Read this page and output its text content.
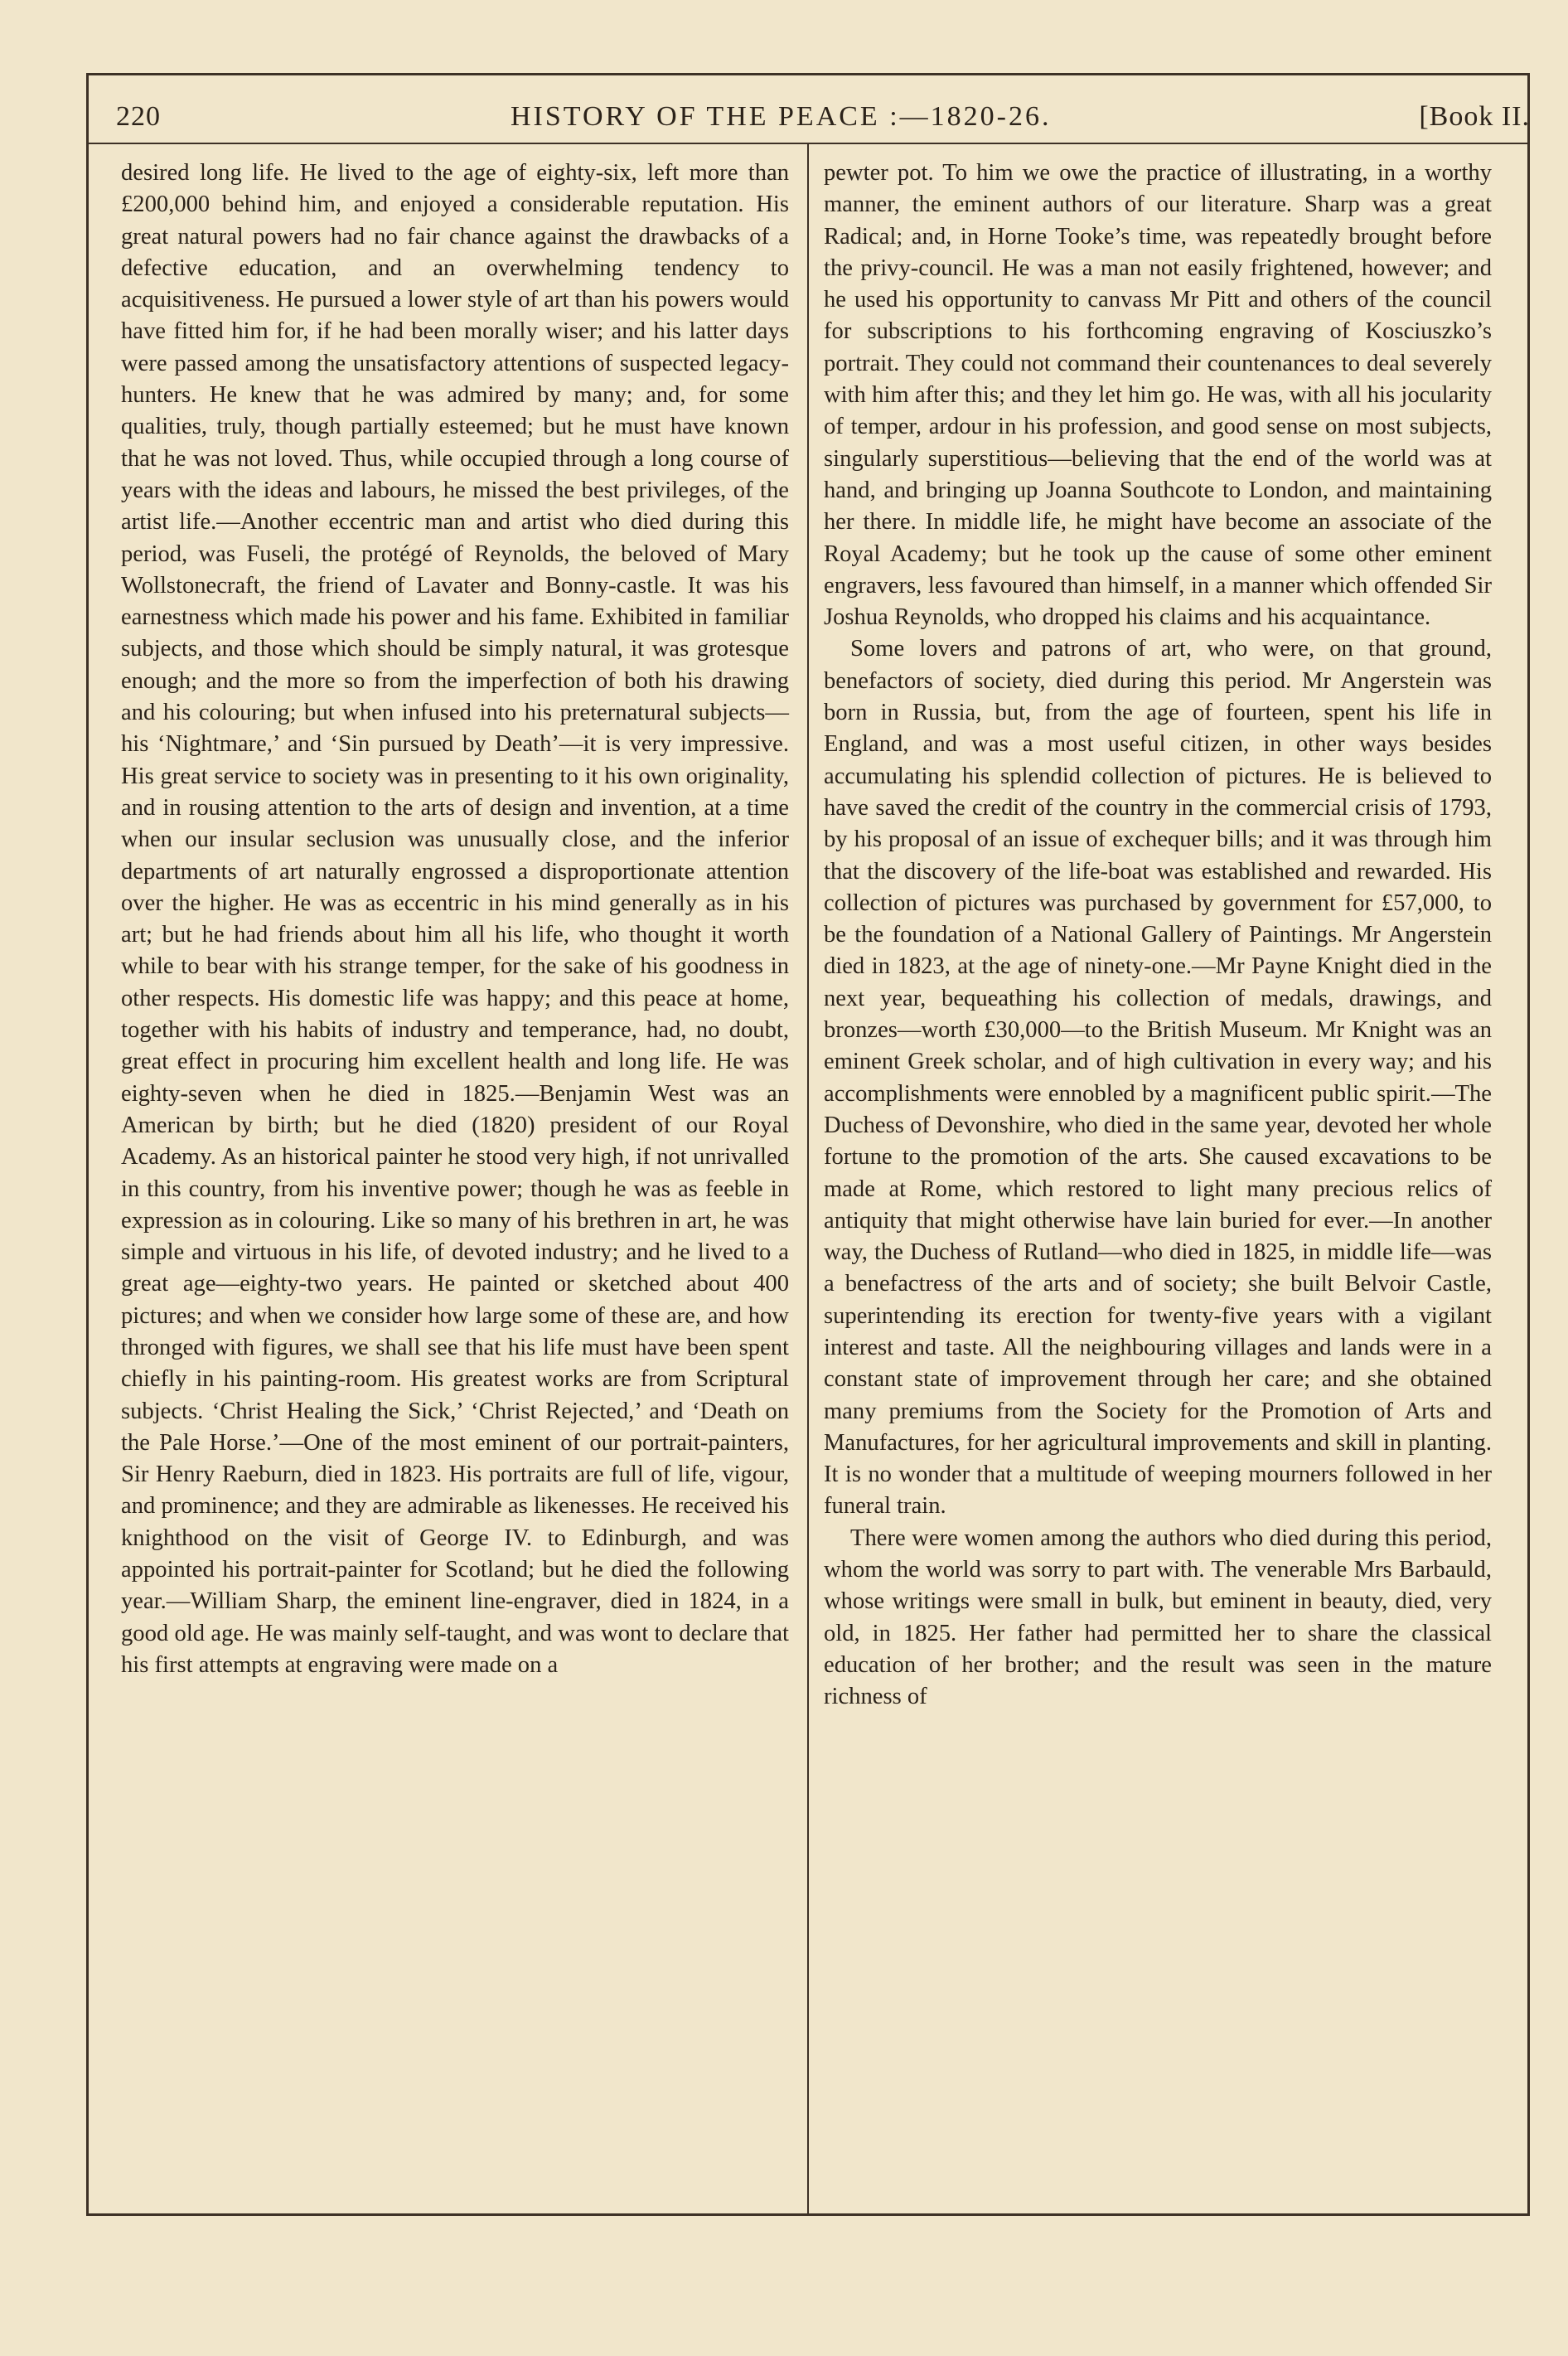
220	HISTORY OF THE PEACE :—1820-26.	[Book II.

desired long life. He lived to the age of eighty-six, left more than £200,000 behind him, and enjoyed a considerable reputation. His great natural powers had no fair chance against the drawbacks of a defective education, and an overwhelming tendency to acquisitiveness. He pursued a lower style of art than his powers would have fitted him for, if he had been morally wiser; and his latter days were passed among the unsatisfactory attentions of suspected legacy-hunters. He knew that he was admired by many; and, for some qualities, truly, though partially esteemed; but he must have known that he was not loved. Thus, while occupied through a long course of years with the ideas and labours, he missed the best privileges, of the artist life.—Another eccentric man and artist who died during this period, was Fuseli, the protégé of Reynolds, the beloved of Mary Wollstonecraft, the friend of Lavater and Bonny-castle. It was his earnestness which made his power and his fame. Exhibited in familiar subjects, and those which should be simply natural, it was grotesque enough; and the more so from the imperfection of both his drawing and his colouring; but when infused into his preternatural subjects—his ‘Nightmare,’ and ‘Sin pursued by Death’—it is very impressive. His great service to society was in presenting to it his own originality, and in rousing attention to the arts of design and invention, at a time when our insular seclusion was unusually close, and the inferior departments of art naturally engrossed a disproportionate attention over the higher. He was as eccentric in his mind generally as in his art; but he had friends about him all his life, who thought it worth while to bear with his strange temper, for the sake of his goodness in other respects. His domestic life was happy; and this peace at home, together with his habits of industry and temperance, had, no doubt, great effect in procuring him excellent health and long life. He was eighty-seven when he died in 1825.—Benjamin West was an American by birth; but he died (1820) president of our Royal Academy. As an historical painter he stood very high, if not unrivalled in this country, from his inventive power; though he was as feeble in expression as in colouring. Like so many of his brethren in art, he was simple and virtuous in his life, of devoted industry; and he lived to a great age—eighty-two years. He painted or sketched about 400 pictures; and when we consider how large some of these are, and how thronged with figures, we shall see that his life must have been spent chiefly in his painting-room. His greatest works are from Scriptural subjects. ‘Christ Healing the Sick,’ ‘Christ Rejected,’ and ‘Death on the Pale Horse.’—One of the most eminent of our portrait-painters, Sir Henry Raeburn, died in 1823. His portraits are full of life, vigour, and prominence; and they are admirable as likenesses. He received his knighthood on the visit of George IV. to Edinburgh, and was appointed his portrait-painter for Scotland; but he died the following year.—William Sharp, the eminent line-engraver, died in 1824, in a good old age. He was mainly self-taught, and was wont to declare that his first attempts at engraving were made on a

pewter pot. To him we owe the practice of illustrating, in a worthy manner, the eminent authors of our literature. Sharp was a great Radical; and, in Horne Tooke’s time, was repeatedly brought before the privy-council. He was a man not easily frightened, however; and he used his opportunity to canvass Mr Pitt and others of the council for subscriptions to his forthcoming engraving of Kosciuszko’s portrait. They could not command their countenances to deal severely with him after this; and they let him go. He was, with all his jocularity of temper, ardour in his profession, and good sense on most subjects, singularly superstitious—believing that the end of the world was at hand, and bringing up Joanna Southcote to London, and maintaining her there. In middle life, he might have become an associate of the Royal Academy; but he took up the cause of some other eminent engravers, less favoured than himself, in a manner which offended Sir Joshua Reynolds, who dropped his claims and his acquaintance.

Some lovers and patrons of art, who were, on that ground, benefactors of society, died during this period. Mr Angerstein was born in Russia, but, from the age of fourteen, spent his life in England, and was a most useful citizen, in other ways besides accumulating his splendid collection of pictures. He is believed to have saved the credit of the country in the commercial crisis of 1793, by his proposal of an issue of exchequer bills; and it was through him that the discovery of the life-boat was established and rewarded. His collection of pictures was purchased by government for £57,000, to be the foundation of a National Gallery of Paintings. Mr Angerstein died in 1823, at the age of ninety-one.—Mr Payne Knight died in the next year, bequeathing his collection of medals, drawings, and bronzes—worth £30,000—to the British Museum. Mr Knight was an eminent Greek scholar, and of high cultivation in every way; and his accomplishments were ennobled by a magnificent public spirit.—The Duchess of Devonshire, who died in the same year, devoted her whole fortune to the promotion of the arts. She caused excavations to be made at Rome, which restored to light many precious relics of antiquity that might otherwise have lain buried for ever.—In another way, the Duchess of Rutland—who died in 1825, in middle life—was a benefactress of the arts and of society; she built Belvoir Castle, superintending its erection for twenty-five years with a vigilant interest and taste. All the neighbouring villages and lands were in a constant state of improvement through her care; and she obtained many premiums from the Society for the Promotion of Arts and Manufactures, for her agricultural improvements and skill in planting. It is no wonder that a multitude of weeping mourners followed in her funeral train.

There were women among the authors who died during this period, whom the world was sorry to part with. The venerable Mrs Barbauld, whose writings were small in bulk, but eminent in beauty, died, very old, in 1825. Her father had permitted her to share the classical education of her brother; and the result was seen in the mature richness of
